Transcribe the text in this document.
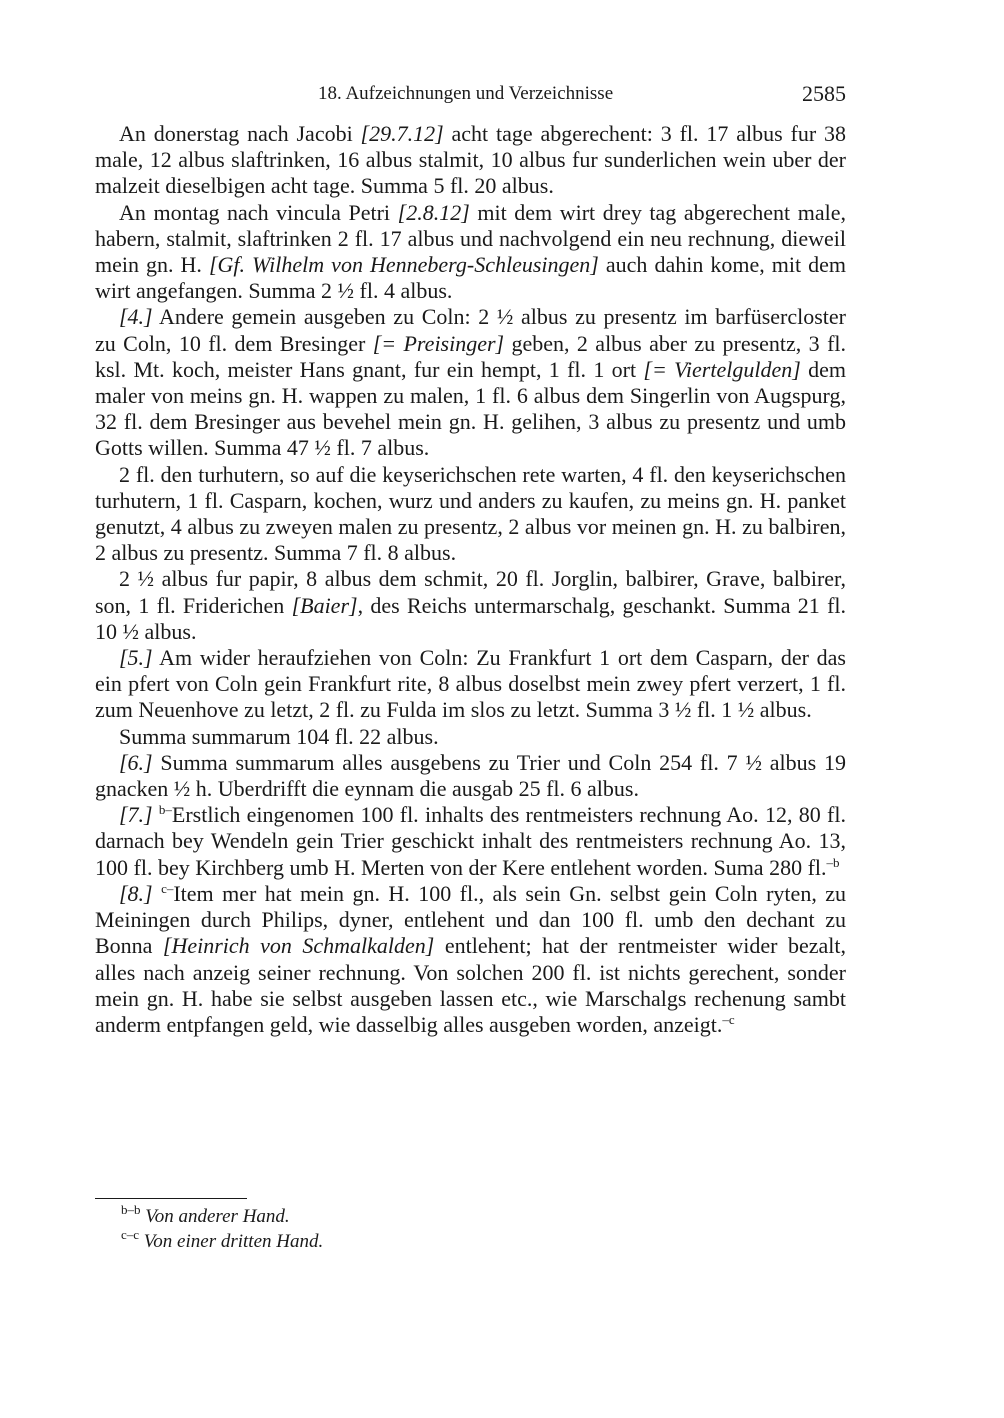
18. Aufzeichnungen und Verzeichnisse	2585

An donerstag nach Jacobi [29.7.12] acht tage abgerechent: 3 fl. 17 albus fur 38 male, 12 albus slaftrinken, 16 albus stalmit, 10 albus fur sunderlichen wein uber der malzeit dieselbigen acht tage. Summa 5 fl. 20 albus.

An montag nach vincula Petri [2.8.12] mit dem wirt drey tag abgerechent male, habern, stalmit, slaftrinken 2 fl. 17 albus und nachvolgend ein neu rechnung, dieweil mein gn. H. [Gf. Wilhelm von Henneberg-Schleusingen] auch dahin kome, mit dem wirt angefangen. Summa 2 ½ fl. 4 albus.

[4.] Andere gemein ausgeben zu Coln: 2 ½ albus zu presentz im barfüsercloster zu Coln, 10 fl. dem Bresinger [= Preisinger] geben, 2 albus aber zu presentz, 3 fl. ksl. Mt. koch, meister Hans gnant, fur ein hempt, 1 fl. 1 ort [= Viertelgulden] dem maler von meins gn. H. wappen zu malen, 1 fl. 6 albus dem Singerlin von Augspurg, 32 fl. dem Bresinger aus bevehel mein gn. H. gelihen, 3 albus zu presentz und umb Gotts willen. Summa 47 ½ fl. 7 albus.

2 fl. den turhutern, so auf die keyserichschen rete warten, 4 fl. den keyserichschen turhutern, 1 fl. Casparn, kochen, wurz und anders zu kaufen, zu meins gn. H. panket genutzt, 4 albus zu zweyen malen zu presentz, 2 albus vor meinen gn. H. zu balbiren, 2 albus zu presentz. Summa 7 fl. 8 albus.

2 ½ albus fur papir, 8 albus dem schmit, 20 fl. Jorglin, balbirer, Grave, balbirer, son, 1 fl. Friderichen [Baier], des Reichs untermarschalg, geschankt. Summa 21 fl. 10 ½ albus.

[5.] Am wider heraufziehen von Coln: Zu Frankfurt 1 ort dem Casparn, der das ein pfert von Coln gein Frankfurt rite, 8 albus doselbst mein zwey pfert verzert, 1 fl. zum Neuenhove zu letzt, 2 fl. zu Fulda im slos zu letzt. Summa 3 ½ fl. 1 ½ albus.

Summa summarum 104 fl. 22 albus.

[6.] Summa summarum alles ausgebens zu Trier und Coln 254 fl. 7 ½ albus 19 gnacken ½ h. Uberdrifft die eynnam die ausgab 25 fl. 6 albus.

[7.] $^{b-}$Erstlich eingenomen 100 fl. inhalts des rentmeisters rechnung Ao. 12, 80 fl. darnach bey Wendeln gein Trier geschickt inhalt des rentmeisters rechnung Ao. 13, 100 fl. bey Kirchberg umb H. Merten von der Kere entlehent worden. Suma 280 fl.$^{-b}$

[8.] $^{c-}$Item mer hat mein gn. H. 100 fl., als sein Gn. selbst gein Coln ryten, zu Meiningen durch Philips, dyner, entlehent und dan 100 fl. umb den dechant zu Bonna [Heinrich von Schmalkalden] entlehent; hat der rentmeister wider bezalt, alles nach anzeig seiner rechnung. Von solchen 200 fl. ist nichts gerechent, sonder mein gn. H. habe sie selbst ausgeben lassen etc., wie Marschalgs rechenung sambt anderm entpfangen geld, wie dasselbig alles ausgeben worden, anzeigt.$^{-c}$

$^{b-b}$ Von anderer Hand.
$^{c-c}$ Von einer dritten Hand.
